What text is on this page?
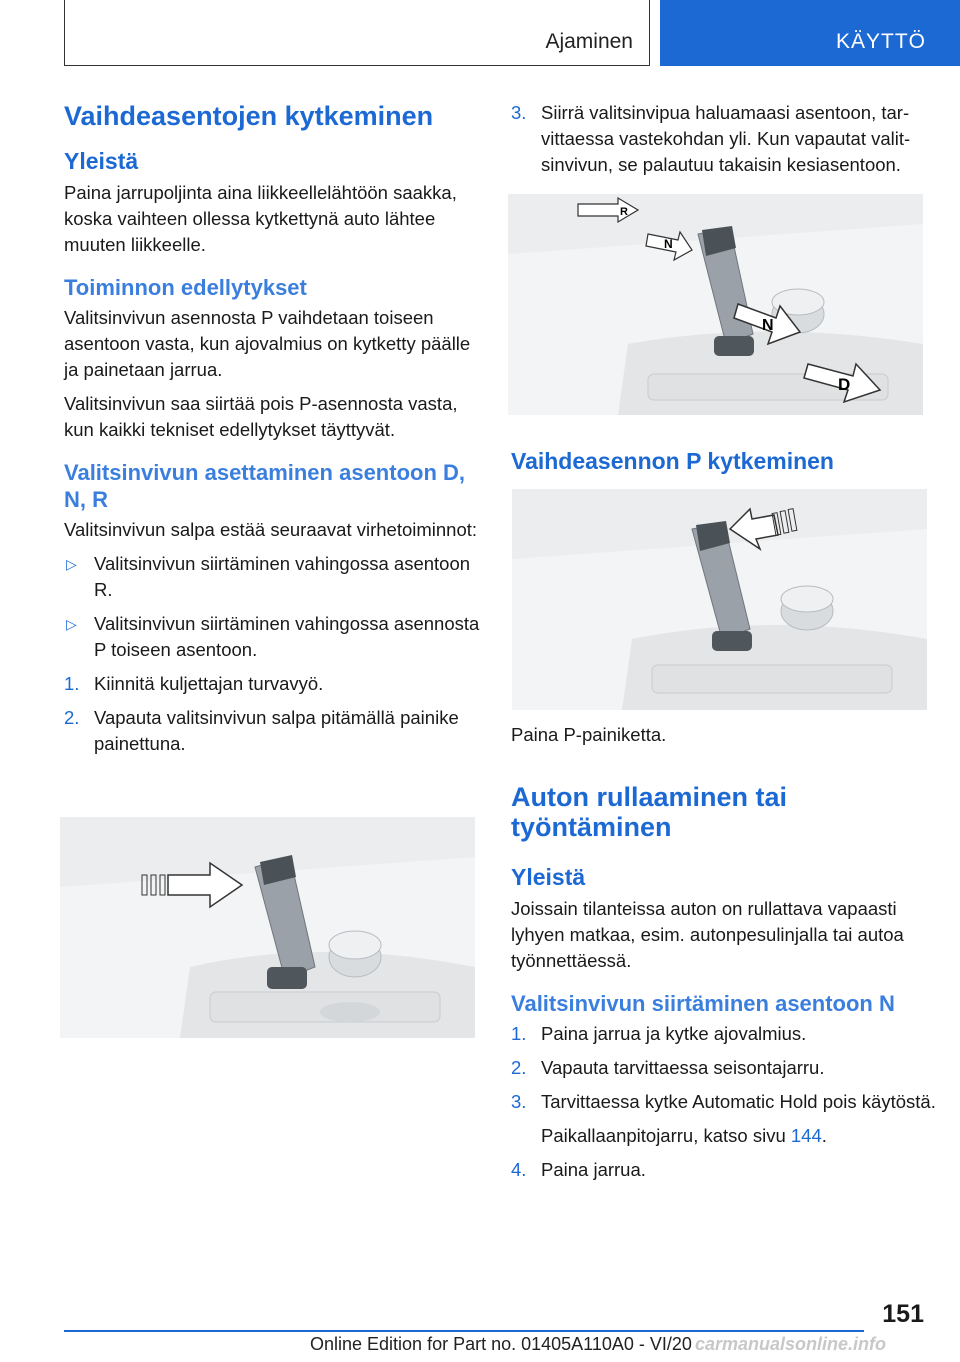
Ajaminen	KÄYTTÖ
Vaihdeasentojen kytkeminen
Yleistä

Paina jarrupoljinta aina liikkeellelähtöön saakka, koska vaihteen ollessa kytkettynä auto lähtee muuten liikkeelle.

Toiminnon edellytykset

Valitsinvivun asennosta P vaihdetaan toiseen asentoon vasta, kun ajovalmius on kytketty päälle ja painetaan jarrua.

Valitsinvivun saa siirtää pois P-asennosta vasta, kun kaikki tekniset edellytykset täyttyvät.

Valitsinvivun asettaminen asentoon D, N, R

Valitsinvivun salpa estää seuraavat virhetoiminnot:

▷ Valitsinvivun siirtäminen vahingossa asentoon R.
▷ Valitsinvivun siirtäminen vahingossa asennosta P toiseen asentoon.
1. Kiinnitä kuljettajan turvavyö.
2. Vapauta valitsinvivun salpa pitämällä painike painettuna.
3. Siirrä valitsinvipua haluamaasi asentoon, tarvittaessa vastekohdan yli. Kun vapautat valitsinvivun, se palautuu takaisin kesiasentoon.
R
N
N
D
Vaihdeasennon P kytkeminen

Paina P-painiketta.

Auton rullaaminen tai työntäminen
Yleistä

Joissain tilanteissa auton on rullattava vapaasti lyhyen matkaa, esim. autonpesulinjalla tai autoa työnnettäessä.

Valitsinvivun siirtäminen asentoon N
1. Paina jarrua ja kytke ajovalmius.
2. Vapauta tarvittaessa seisontajarru.
3. Tarvittaessa kytke Automatic Hold pois käytöstä.
Paikallaanpitojarru, katso sivu 144.
4. Paina jarrua.
151
Online Edition for Part no. 01405A110A0 - VI/20 carmanualsonline.info
